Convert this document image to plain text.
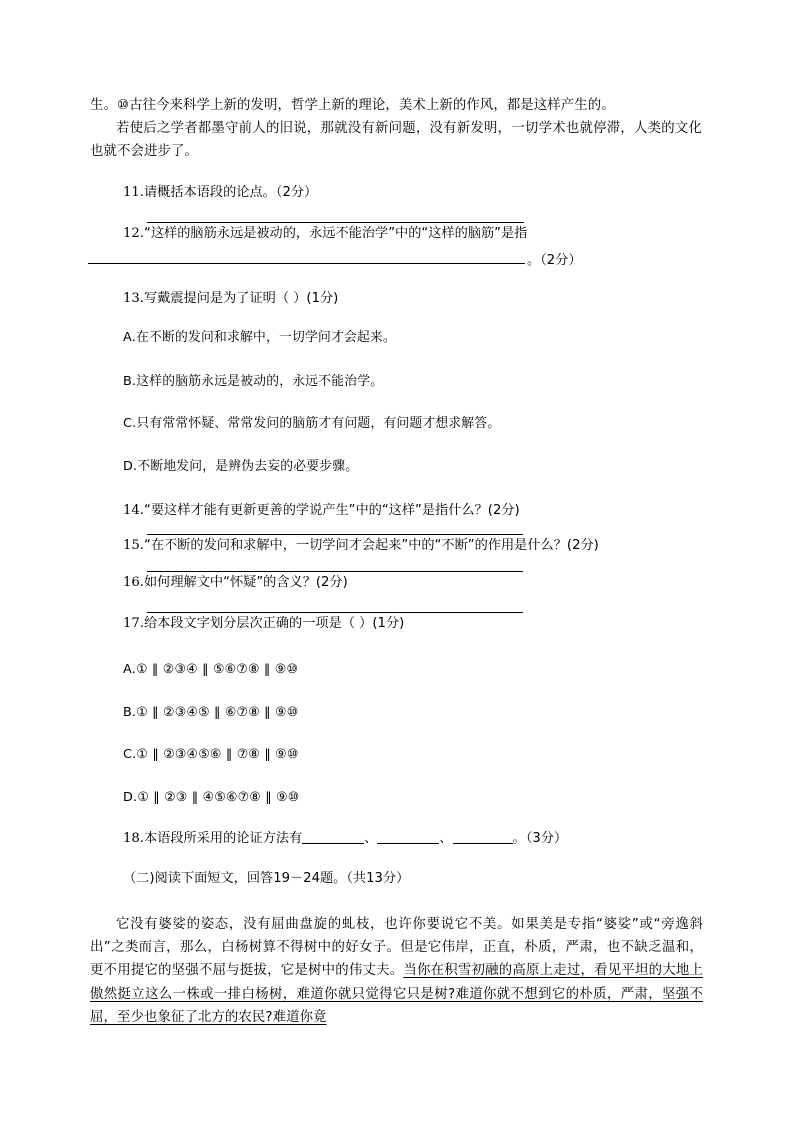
生。⑩古往今来科学上新的发明，哲学上新的理论，美术上新的作风，都是这样产生的。
若使后之学者都墨守前人的旧说，那就没有新问题，没有新发明，一切学术也就停滞，人类的文化也就不会进步了。
11.请概括本语段的论点。（2分）
12.“这样的脑筋永远是被动的，永远不能治学”中的“这样的脑筋”是指
。（2分）
13.写戴震提问是为了证明（ ）(1分)
A.在不断的发问和求解中，一切学问才会起来。
B.这样的脑筋永远是被动的，永远不能治学。
C.只有常常怀疑、常常发问的脑筋才有问题，有问题才想求解答。
D.不断地发问，是辨伪去妄的必要步骤。
14.“要这样才能有更新更善的学说产生”中的“这样”是指什么？(2分)
15.“在不断的发问和求解中，一切学问才会起来”中的“不断”的作用是什么？(2分)
16.如何理解文中“怀疑”的含义？(2分)
17.给本段文字划分层次正确的一项是（ ）(1分)
A.① ‖ ②③④ ‖ ⑤⑥⑦⑧ ‖ ⑨⑩
B.① ‖ ②③④⑤ ‖ ⑥⑦⑧ ‖ ⑨⑩
C.① ‖ ②③④⑤⑥ ‖ ⑦⑧ ‖ ⑨⑩
D.① ‖ ②③ ‖ ④⑤⑥⑦⑧ ‖ ⑨⑩
18.本语段所采用的论证方法有	、	、	。（3分）
（二)阅读下面短文，回答19－24题。（共13分）
它没有婆娑的姿态，没有屈曲盘旋的虬枝，也许你要说它不美。如果美是专指“婆娑”或“旁逸斜出”之类而言，那么，白杨树算不得树中的好女子。但是它伟岸，正直，朴质，严肃，也不缺乏温和，更不用提它的坚强不屈与挺拔，它是树中的伟丈夫。当你在积雪初融的高原上走过，看见平坦的大地上傲然挺立这么一株或一排白杨树，难道你就只觉得它只是树?难道你就不想到它的朴质，严肃，坚强不屈，至少也象征了北方的农民?难道你竟
